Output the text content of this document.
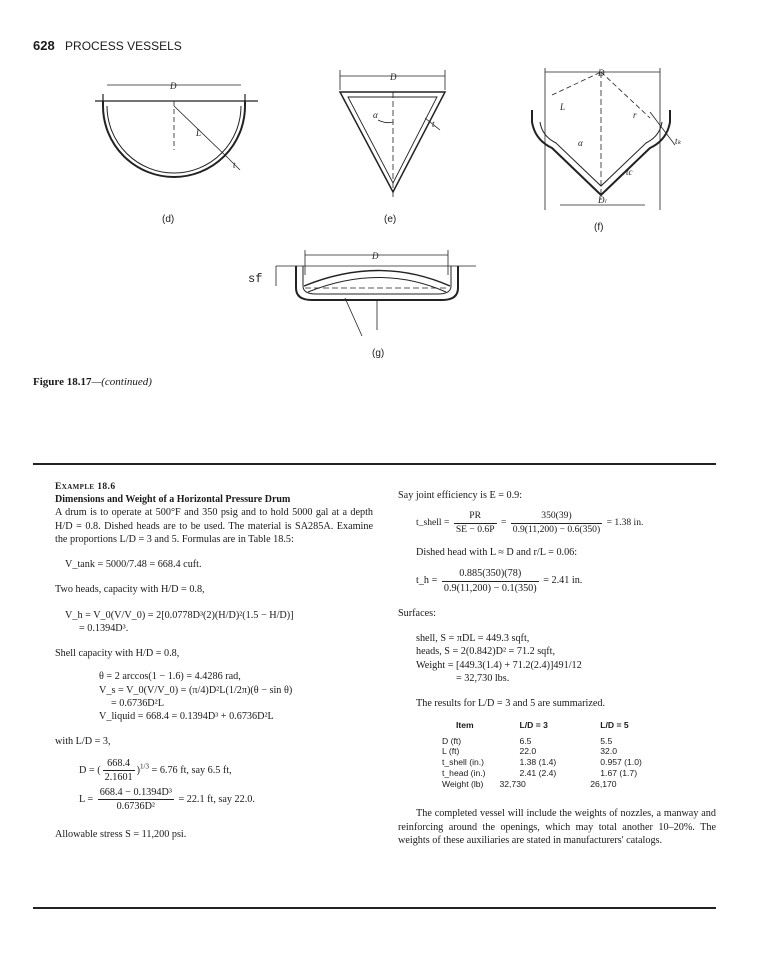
628 PROCESS VESSELS
D
L
t
D
α
t
D
L
α
r
tₖ
tc
Dₗ
D
sf
(d)	(e)
(f)
(g)
Figure 18.17—(continued)
Example 18.6
Dimensions and Weight of a Horizontal Pressure Drum

A drum is to operate at 500°F and 350 psig and to hold 5000 gal at a depth H/D = 0.8. Dished heads are to be used. The material is SA285A. Examine the proportions L/D = 3 and 5. Formulas are in Table 18.5:

V_tank = 5000/7.48 = 668.4 cuft.

Two heads, capacity with H/D = 0.8,

V_h = V_0(V/V_0) = 2[0.0778D³(2)(H/D)²(1.5 − H/D)]

= 0.1394D³.

Shell capacity with H/D = 0.8,

θ = 2 arccos(1 − 1.6) = 4.4286 rad,

V_s = V_0(V/V_0) = (π/4)D²L(1/2π)(θ − sin θ)

= 0.6736D²L

V_liquid = 668.4 = 0.1394D³ + 0.6736D²L

with L/D = 3,

D = ( $\frac{668.4}{2.1601} )^{1/3} = 6.76$ ft, say 6.5 ft,
$L = \frac{\text{668.4 − 0.1394D³}}{\text{0.6736D²}} = 22.1$ ft, say 22.0.

Allowable stress S = 11,200 psi.

Say joint efficiency is E = 0.9:

t_shell = $\frac{PR}{SE - 0.6P} = \frac{350(39)}{0.9(11,200) - 0.6(350)} = 1.38$ in.

Dished head with L ≈ D and r/L = 0.06:

t_h = $\frac{0.885(350)(78)}{0.9(11,200) - 0.1(350)} = 2.41$ in.

Surfaces:

shell, S = πDL = 449.3 sqft,

heads, S = 2(0.842)D² = 71.2 sqft,

Weight = [449.3(1.4) + 71.2(2.4)]491/12

= 32,730 lbs.

The results for L/D = 3 and 5 are summarized.

Item	L/D = 3	L/D = 5
D (ft)	6.5	5.5
L (ft)	22.0	32.0
t_shell (in.)	1.38 (1.4)	0.957 (1.0)
t_head (in.)	2.41 (2.4)	1.67 (1.7)
Weight (lb)	32,730	26,170

The completed vessel will include the weights of nozzles, a manway and reinforcing around the openings, which may total another 10–20%. The weights of these auxiliaries are stated in manufacturers' catalogs.
